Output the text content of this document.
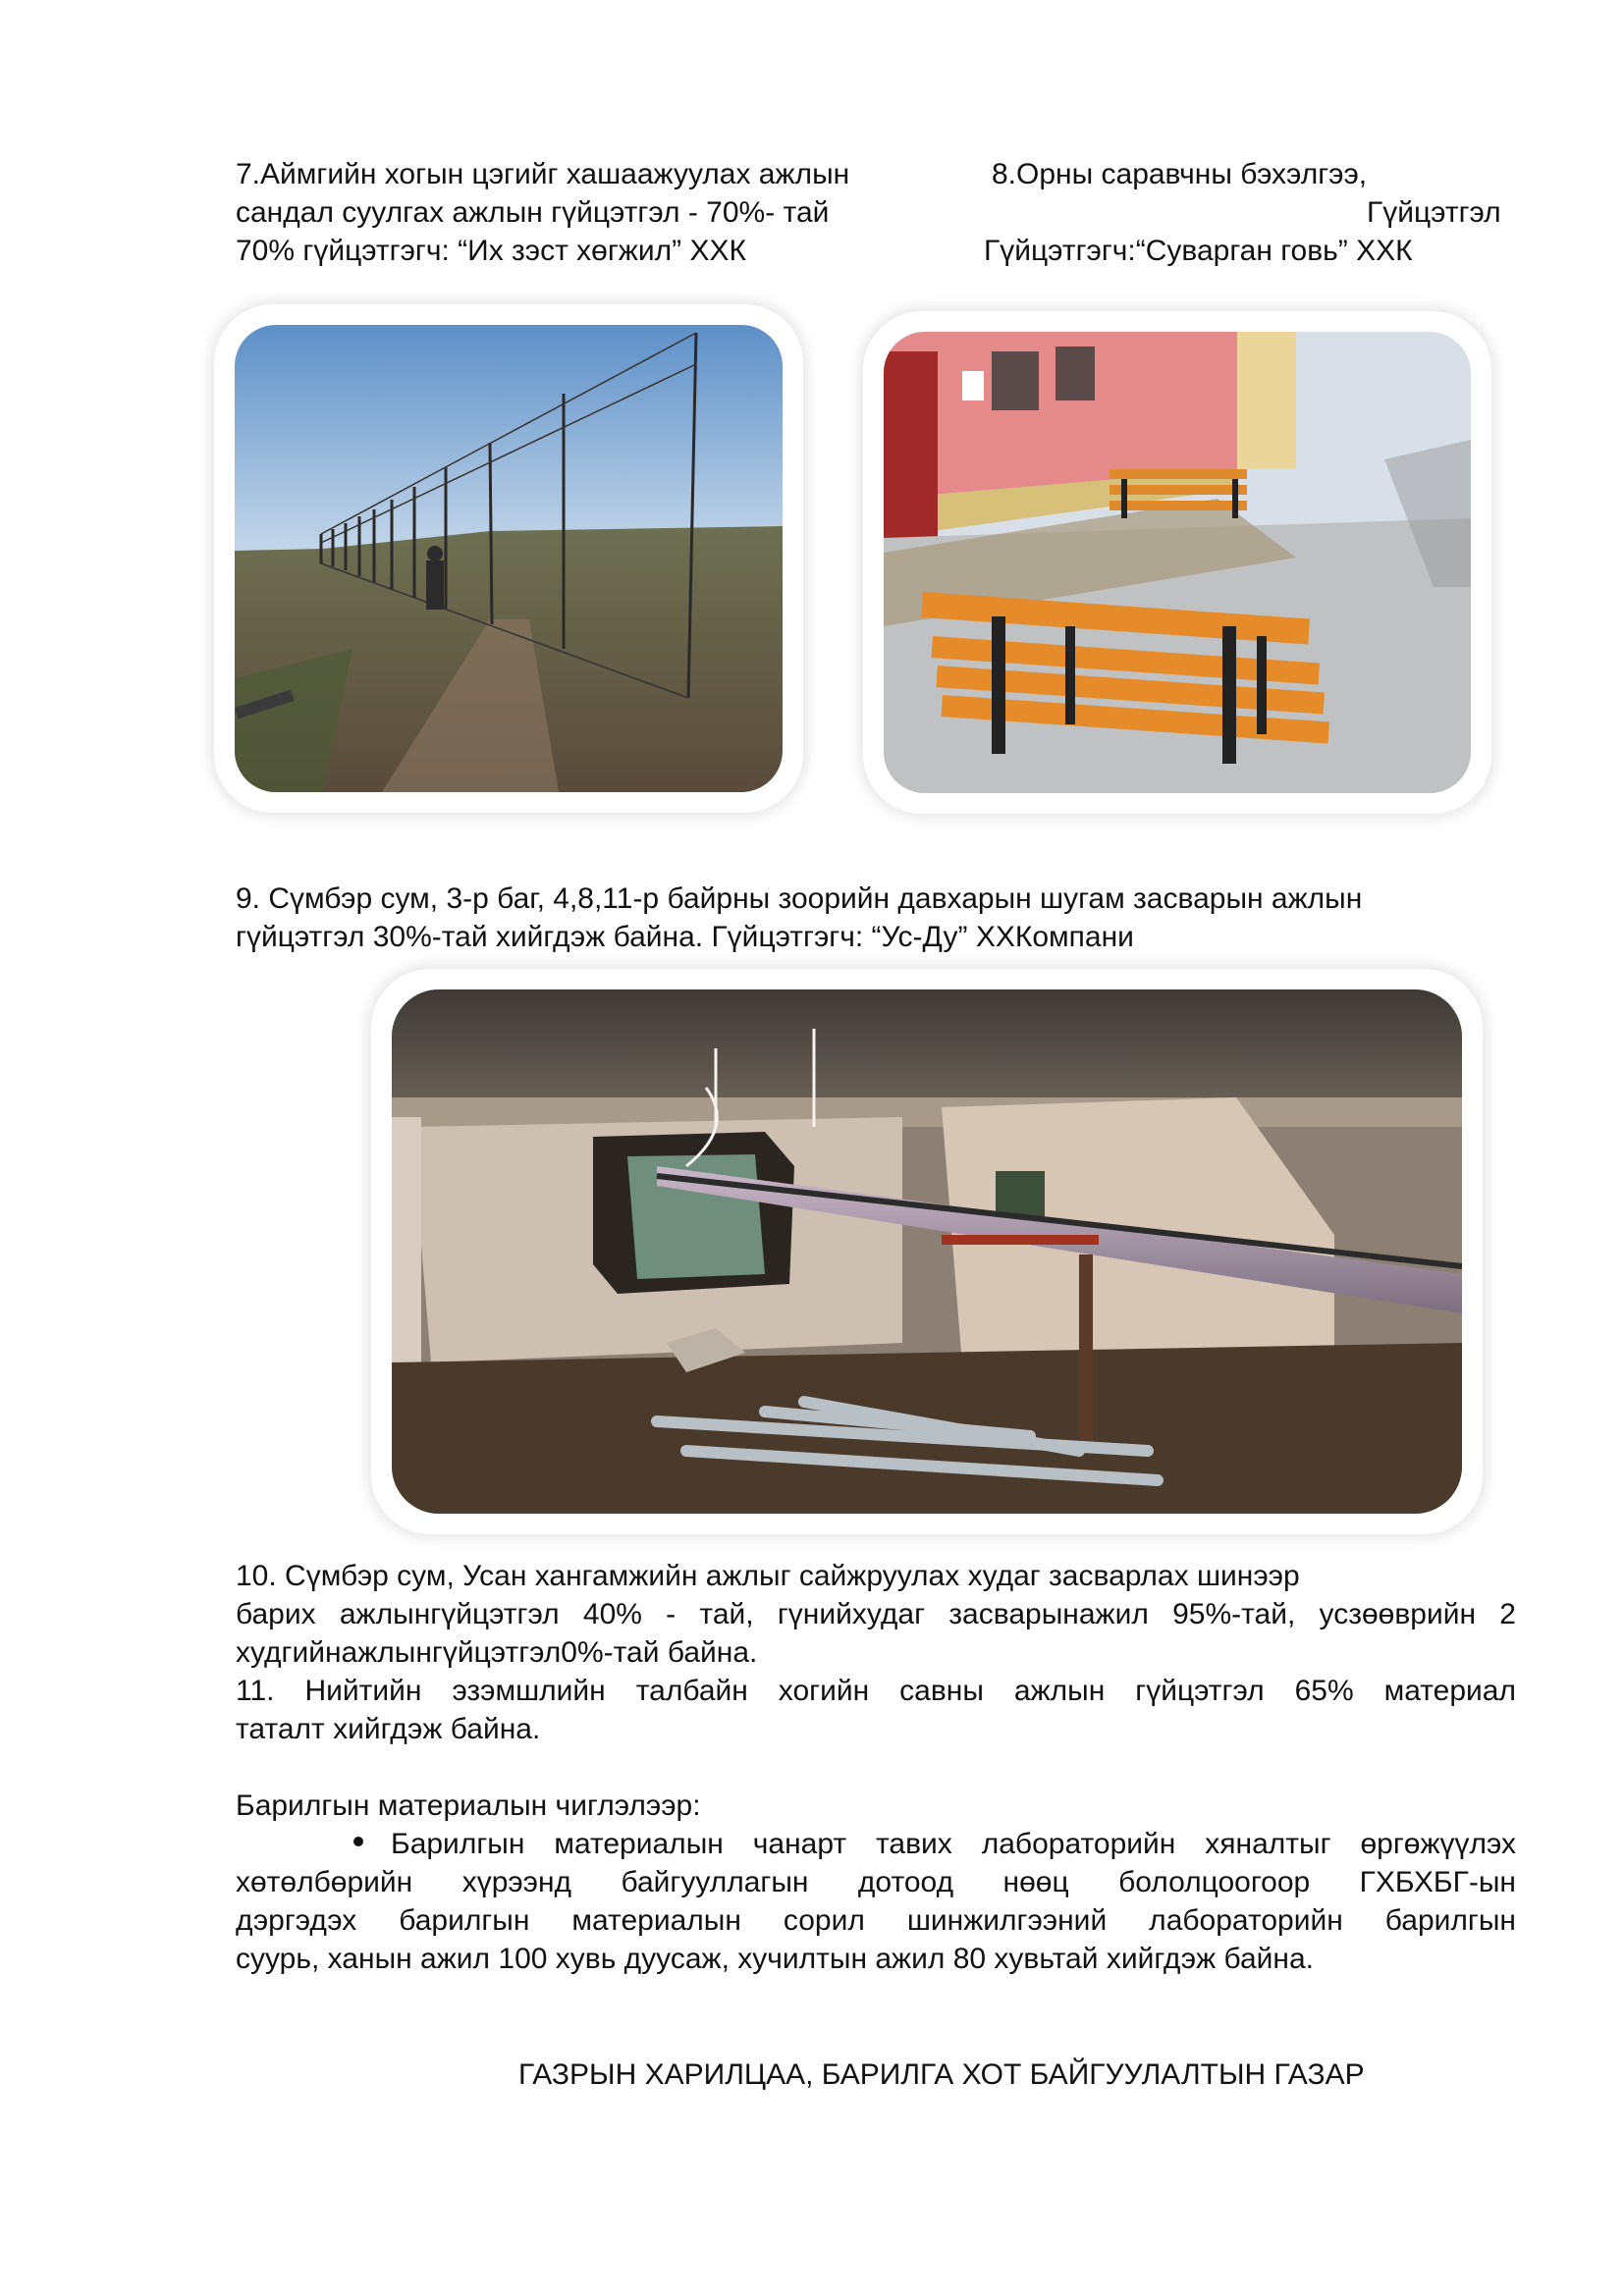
7.Аймгийн хогын цэгийг хашаажуулах ажлын
сандал суулгах ажлын гүйцэтгэл - 70%- тай
70% гүйцэтгэгч: “Их зэст хөгжил” ХХК
8.Орны саравчны бэхэлгээ,
Гүйцэтгэл
Гүйцэтгэгч:“Суварган говь” ХХК
9. Сүмбэр сум, 3-р баг, 4,8,11-р байрны зоорийн давхарын шугам засварын ажлын
гүйцэтгэл 30%-тай хийгдэж байна. Гүйцэтгэгч: “Ус-Ду” ХХКомпани
10. Сүмбэр сум, Усан хангамжийн ажлыг сайжруулах худаг засварлах шинээр
барих ажлынгүйцэтгэл 40% - тай, гүнийхудаг засварынажил 95%-тай, усзөөврийн 2
худгийнажлынгүйцэтгэл0%-тай байна.
11. Нийтийн эзэмшлийн талбайн хогийн савны ажлын гүйцэтгэл 65% материал
таталт хийгдэж байна.
Барилгын материалын чиглэлээр:
Барилгын материалын чанарт тавих лабораторийн хяналтыг өргөжүүлэх
хөтөлбөрийн хүрээнд байгууллагын дотоод нөөц бололцоогоор ГХБХБГ-ын
дэргэдэх барилгын материалын сорил шинжилгээний лабораторийн барилгын
суурь, ханын ажил 100 хувь дуусаж, хучилтын ажил 80 хувьтай хийгдэж байна.
ГАЗРЫН ХАРИЛЦАА, БАРИЛГА ХОТ БАЙГУУЛАЛТЫН ГАЗАР
